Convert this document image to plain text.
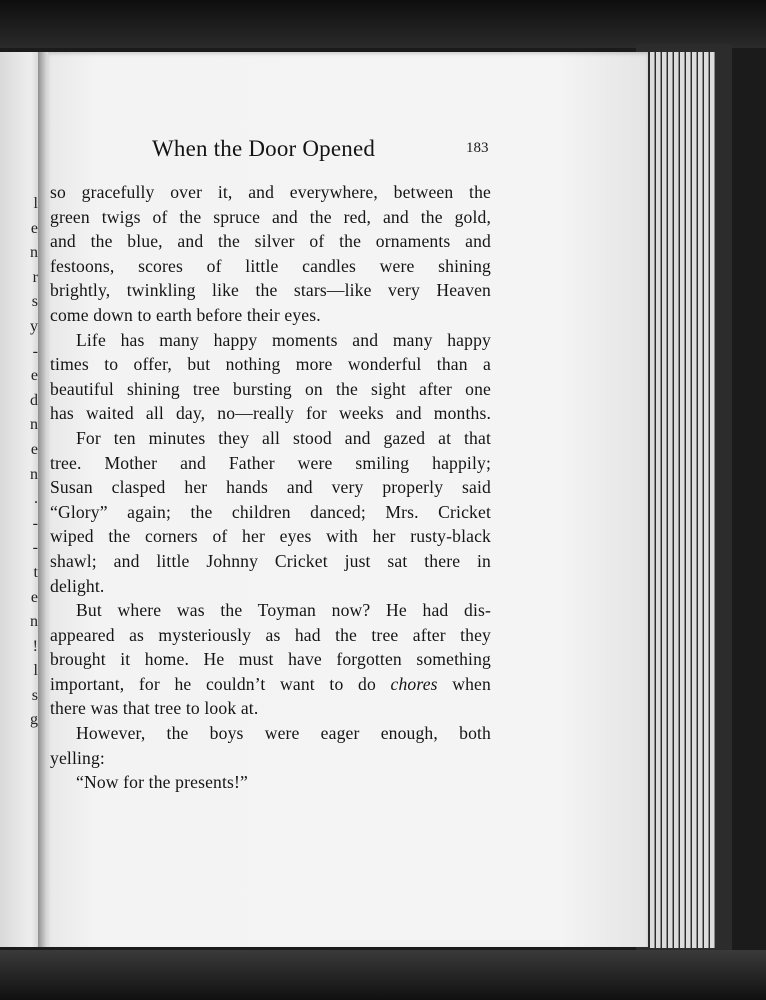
l
e
n
r
s
y
-
e
d
n
e
n
.
-
-
t
e
n
!
l
s
g
When the Door Opened	183
so gracefully over it, and everywhere, between the
green twigs of the spruce and the red, and the gold,
and the blue, and the silver of the ornaments and
festoons, scores of little candles were shining
brightly, twinkling like the stars—like very Heaven
come down to earth before their eyes.
Life has many happy moments and many happy
times to offer, but nothing more wonderful than a
beautiful shining tree bursting on the sight after one
has waited all day, no—really for weeks and months.
For ten minutes they all stood and gazed at that
tree. Mother and Father were smiling happily;
Susan clasped her hands and very properly said
“Glory” again; the children danced; Mrs. Cricket
wiped the corners of her eyes with her rusty-black
shawl; and little Johnny Cricket just sat there in
delight.
But where was the Toyman now? He had dis-
appeared as mysteriously as had the tree after they
brought it home. He must have forgotten something
important, for he couldn’t want to do chores when
there was that tree to look at.
However, the boys were eager enough, both
yelling:
“Now for the presents!”
